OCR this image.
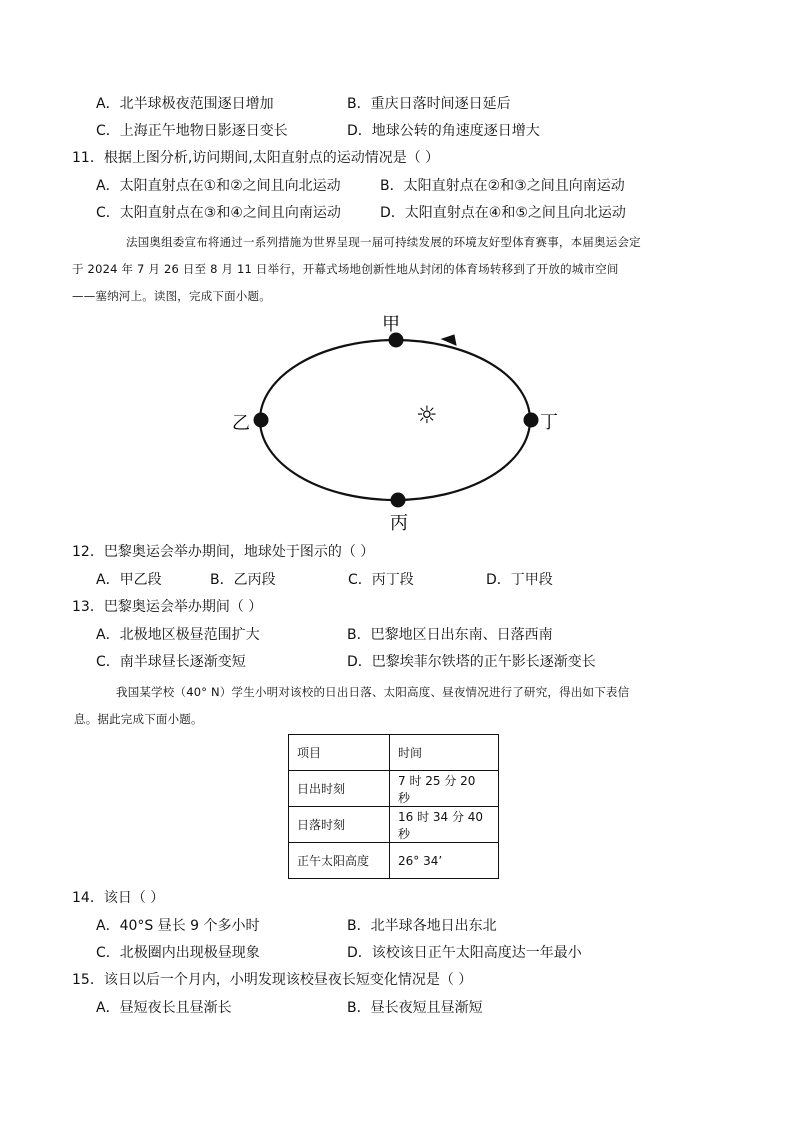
A．北半球极夜范围逐日增加	B．重庆日落时间逐日延后
C．上海正午地物日影逐日变长	D．地球公转的角速度逐日增大
11．根据上图分析,访问期间,太阳直射点的运动情况是（ ）
A．太阳直射点在①和②之间且向北运动	B．太阳直射点在②和③之间且向南运动
C．太阳直射点在③和④之间且向南运动	D．太阳直射点在④和⑤之间且向北运动
法国奥组委宣布将通过一系列措施为世界呈现一届可持续发展的环境友好型体育赛事，本届奥运会定
于 2024 年 7 月 26 日至 8 月 11 日举行，开幕式场地创新性地从封闭的体育场转移到了开放的城市空间
——塞纳河上。读图，完成下面小题。
甲
乙
丙
丁
☼
12．巴黎奥运会举办期间，地球处于图示的（ ）
A．甲乙段	B．乙丙段	C．丙丁段	D．丁甲段
13．巴黎奥运会举办期间（ ）
A．北极地区极昼范围扩大	B．巴黎地区日出东南、日落西南
C．南半球昼长逐渐变短	D．巴黎埃菲尔铁塔的正午影长逐渐变长
我国某学校（40° N）学生小明对该校的日出日落、太阳高度、昼夜情况进行了研究，得出如下表信
息。据此完成下面小题。
项目	时间
日出时刻	7 时 25 分 20 秒
日落时刻	16 时 34 分 40 秒
正午太阳高度	26° 34’
14．该日（ ）
A．40°S 昼长 9 个多小时	B．北半球各地日出东北
C．北极圈内出现极昼现象	D．该校该日正午太阳高度达一年最小
15．该日以后一个月内，小明发现该校昼夜长短变化情况是（ ）
A．昼短夜长且昼渐长	B．昼长夜短且昼渐短
